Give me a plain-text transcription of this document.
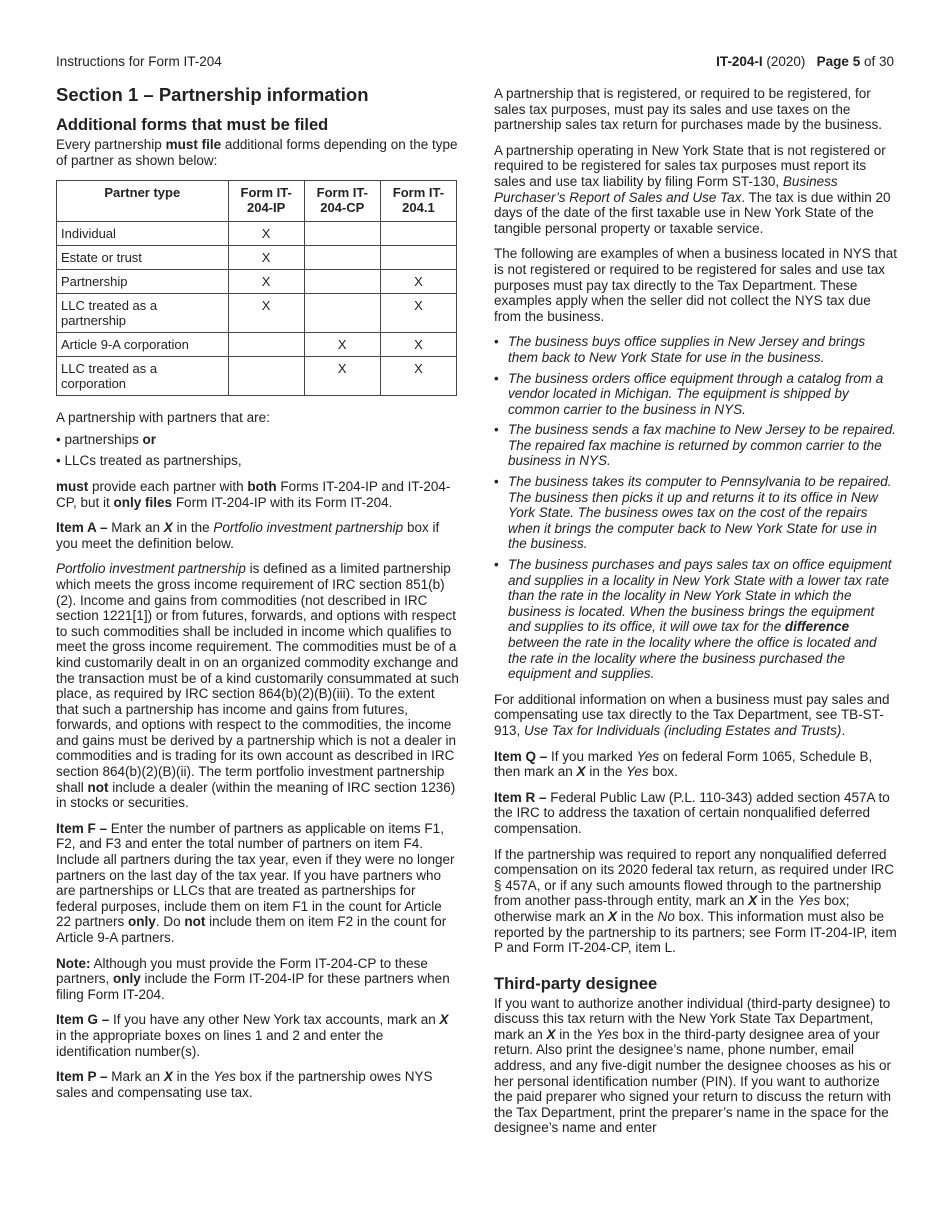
Instructions for Form IT-204	IT-204-I (2020) Page 5 of 30
Section 1 – Partnership information
Additional forms that must be filed

Every partnership must file additional forms depending on the type of partner as shown below:

Partner type	Form IT-204-IP	Form IT-204-CP	Form IT-204.1
Individual	X		
Estate or trust	X		
Partnership	X		X
LLC treated as a partnership	X		X
Article 9-A corporation		X	X
LLC treated as a corporation		X	X

A partnership with partners that are:

• partnerships or

• LLCs treated as partnerships,

must provide each partner with both Forms IT-204-IP and IT-204-CP, but it only files Form IT-204-IP with its Form IT-204.

Item A – Mark an X in the Portfolio investment partnership box if you meet the definition below.

Portfolio investment partnership is defined as a limited partnership which meets the gross income requirement of IRC section 851(b)(2). Income and gains from commodities (not described in IRC section 1221[1]) or from futures, forwards, and options with respect to such commodities shall be included in income which qualifies to meet the gross income requirement. The commodities must be of a kind customarily dealt in on an organized commodity exchange and the transaction must be of a kind customarily consummated at such place, as required by IRC section 864(b)(2)(B)(iii). To the extent that such a partnership has income and gains from futures, forwards, and options with respect to the commodities, the income and gains must be derived by a partnership which is not a dealer in commodities and is trading for its own account as described in IRC section 864(b)(2)(B)(ii). The term portfolio investment partnership shall not include a dealer (within the meaning of IRC section 1236) in stocks or securities.

Item F – Enter the number of partners as applicable on items F1, F2, and F3 and enter the total number of partners on item F4. Include all partners during the tax year, even if they were no longer partners on the last day of the tax year. If you have partners who are partnerships or LLCs that are treated as partnerships for federal purposes, include them on item F1 in the count for Article 22 partners only. Do not include them on item F2 in the count for Article 9-A partners.

Note: Although you must provide the Form IT-204-CP to these partners, only include the Form IT-204-IP for these partners when filing Form IT-204.

Item G – If you have any other New York tax accounts, mark an X in the appropriate boxes on lines 1 and 2 and enter the identification number(s).

Item P – Mark an X in the Yes box if the partnership owes NYS sales and compensating use tax.

A partnership that is registered, or required to be registered, for sales tax purposes, must pay its sales and use taxes on the partnership sales tax return for purchases made by the business.

A partnership operating in New York State that is not registered or required to be registered for sales tax purposes must report its sales and use tax liability by filing Form ST-130, Business Purchaser’s Report of Sales and Use Tax. The tax is due within 20 days of the date of the first taxable use in New York State of the tangible personal property or taxable service.

The following are examples of when a business located in NYS that is not registered or required to be registered for sales and use tax purposes must pay tax directly to the Tax Department. These examples apply when the seller did not collect the NYS tax due from the business.

• The business buys office supplies in New Jersey and brings them back to New York State for use in the business.
• The business orders office equipment through a catalog from a vendor located in Michigan. The equipment is shipped by common carrier to the business in NYS.
• The business sends a fax machine to New Jersey to be repaired. The repaired fax machine is returned by common carrier to the business in NYS.
• The business takes its computer to Pennsylvania to be repaired. The business then picks it up and returns it to its office in New York State. The business owes tax on the cost of the repairs when it brings the computer back to New York State for use in the business.
• The business purchases and pays sales tax on office equipment and supplies in a locality in New York State with a lower tax rate than the rate in the locality in New York State in which the business is located. When the business brings the equipment and supplies to its office, it will owe tax for the difference between the rate in the locality where the office is located and the rate in the locality where the business purchased the equipment and supplies.

For additional information on when a business must pay sales and compensating use tax directly to the Tax Department, see TB-ST-913, Use Tax for Individuals (including Estates and Trusts).

Item Q – If you marked Yes on federal Form 1065, Schedule B, then mark an X in the Yes box.

Item R – Federal Public Law (P.L. 110-343) added section 457A to the IRC to address the taxation of certain nonqualified deferred compensation.

If the partnership was required to report any nonqualified deferred compensation on its 2020 federal tax return, as required under IRC § 457A, or if any such amounts flowed through to the partnership from another pass-through entity, mark an X in the Yes box; otherwise mark an X in the No box. This information must also be reported by the partnership to its partners; see Form IT-204-IP, item P and Form IT-204-CP, item L.

Third-party designee

If you want to authorize another individual (third-party designee) to discuss this tax return with the New York State Tax Department, mark an X in the Yes box in the third-party designee area of your return. Also print the designee’s name, phone number, email address, and any five-digit number the designee chooses as his or her personal identification number (PIN). If you want to authorize the paid preparer who signed your return to discuss the return with the Tax Department, print the preparer’s name in the space for the designee’s name and enter
